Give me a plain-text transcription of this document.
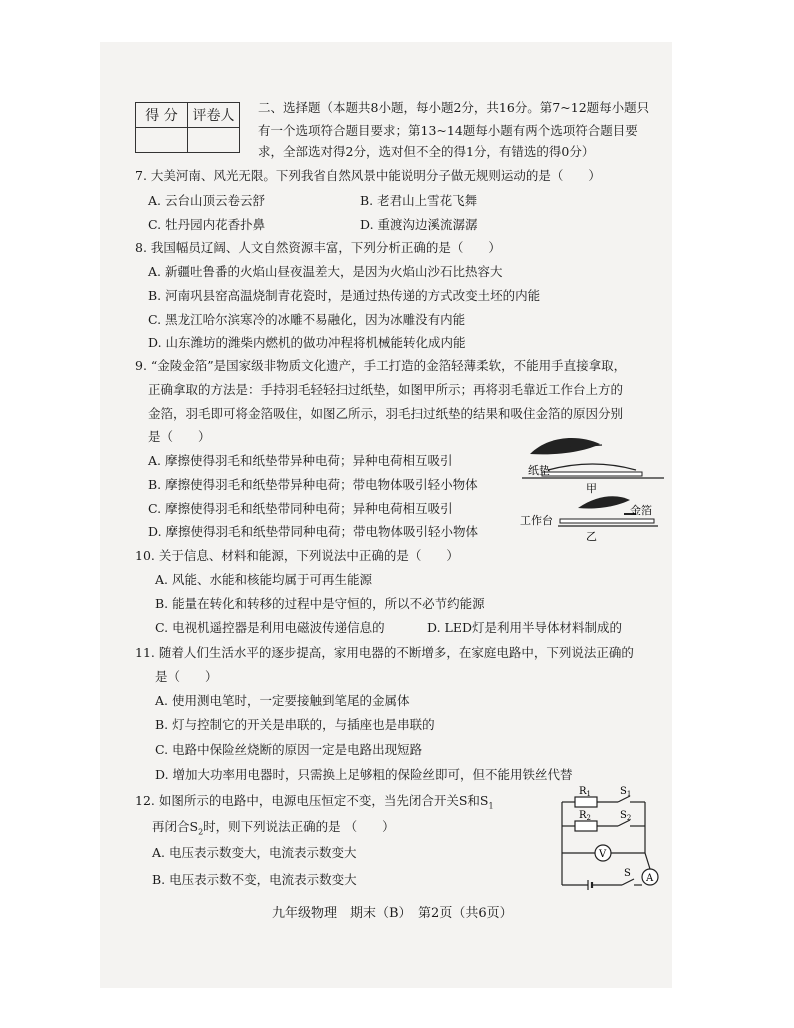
得 分	评卷人

二、选择题（本题共8小题，每小题2分，共16分。第7~12题每小题只
有一个选项符合题目要求；第13~14题每小题有两个选项符合题目要
求，全部选对得2分，选对但不全的得1分，有错选的得0分）
7. 大美河南、风光无限。下列我省自然风景中能说明分子做无规则运动的是（　　）
A. 云台山顶云卷云舒	B. 老君山上雪花飞舞
C. 牡丹园内花香扑鼻	D. 重渡沟边溪流潺潺
8. 我国幅员辽阔、人文自然资源丰富，下列分析正确的是（　　）
A. 新疆吐鲁番的火焰山昼夜温差大，是因为火焰山沙石比热容大
B. 河南巩县窑高温烧制青花瓷时，是通过热传递的方式改变土坯的内能
C. 黑龙江哈尔滨寒冷的冰雕不易融化，因为冰雕没有内能
D. 山东潍坊的潍柴内燃机的做功冲程将机械能转化成内能
9. “金陵金箔”是国家级非物质文化遗产，手工打造的金箔轻薄柔软，不能用手直接拿取，
正确拿取的方法是：手持羽毛轻轻扫过纸垫，如图甲所示；再将羽毛靠近工作台上方的
金箔，羽毛即可将金箔吸住，如图乙所示，羽毛扫过纸垫的结果和吸住金箔的原因分别
是（　　）
A. 摩擦使得羽毛和纸垫带异种电荷；异种电荷相互吸引
B. 摩擦使得羽毛和纸垫带异种电荷；带电物体吸引轻小物体
C. 摩擦使得羽毛和纸垫带同种电荷；异种电荷相互吸引
D. 摩擦使得羽毛和纸垫带同种电荷；带电物体吸引轻小物体
纸垫
甲
工作台
金箔
乙
10. 关于信息、材料和能源，下列说法中正确的是（　　）
A. 风能、水能和核能均属于可再生能源
B. 能量在转化和转移的过程中是守恒的，所以不必节约能源
C. 电视机遥控器是利用电磁波传递信息的	D. LED灯是利用半导体材料制成的
11. 随着人们生活水平的逐步提高，家用电器的不断增多，在家庭电路中，下列说法正确的
是（　　）
A. 使用测电笔时，一定要接触到笔尾的金属体
B. 灯与控制它的开关是串联的，与插座也是串联的
C. 电路中保险丝烧断的原因一定是电路出现短路
D. 增加大功率用电器时，只需换上足够粗的保险丝即可，但不能用铁丝代替
12. 如图所示的电路中，电源电压恒定不变，当先闭合开关S和$S_1$
再闭合$S_2$时，则下列说法正确的是 （　　）
A. 电压表示数变大，电流表示数变大
B. 电压表示数不变，电流表示数变大
$R_1$	$S_1$
$R_2$	$S_2$
V
S A
九年级物理　期末（B）　第2页（共6页）
